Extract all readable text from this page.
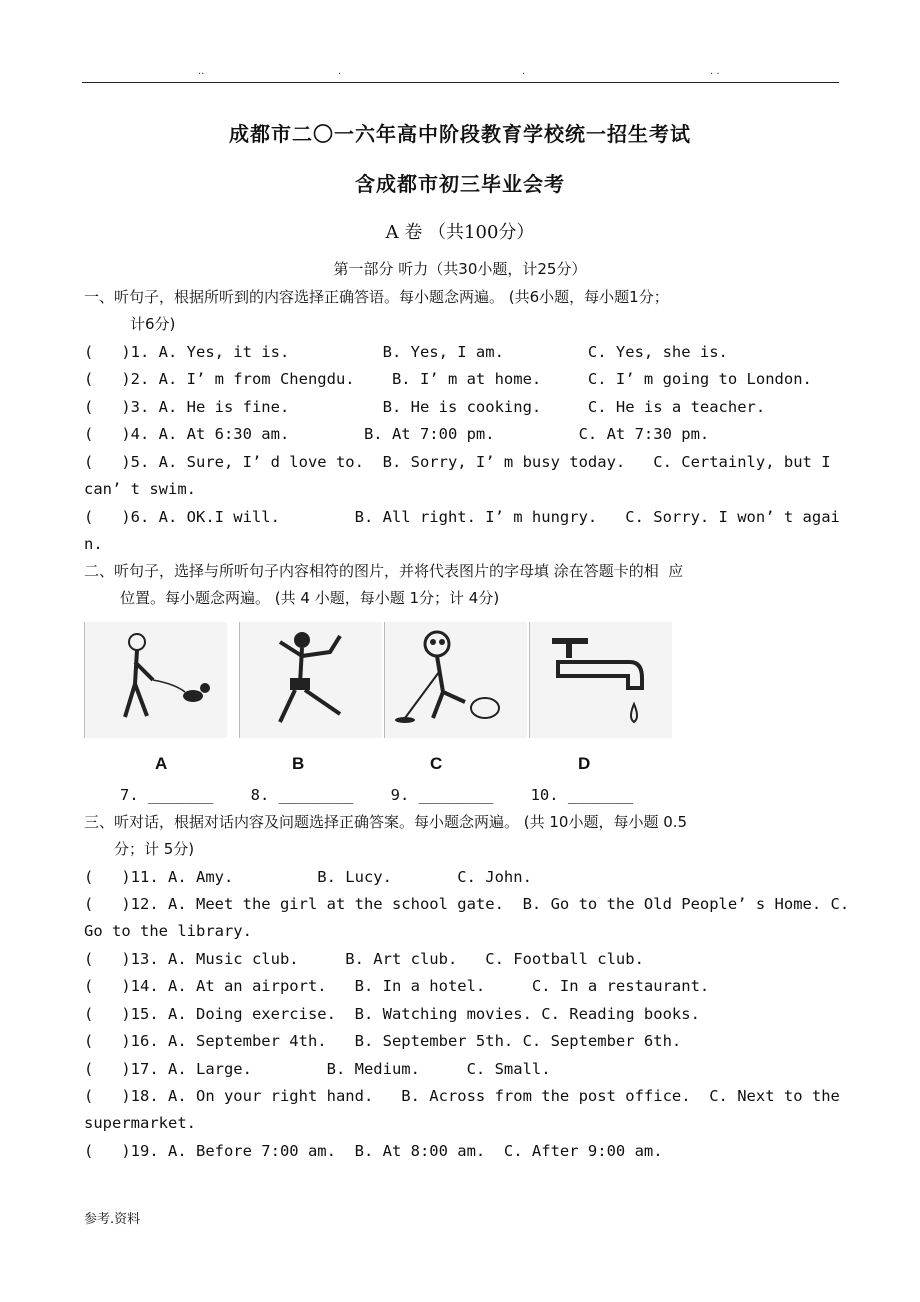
..	.	.	. .
成都市二〇一六年高中阶段教育学校统一招生考试
含成都市初三毕业会考
A 卷 （共100分）
第一部分 听力（共30小题，计25分）
一、听句子，根据所听到的内容选择正确答语。每小题念两遍。 (共6小题，每小题1分；
计6分)
(   )1. A. Yes, it is.          B. Yes, I am.         C. Yes, she is.
(   )2. A. I’ m from Chengdu.    B. I’ m at home.     C. I’ m going to London.
(   )3. A. He is fine.          B. He is cooking.     C. He is a teacher.
(   )4. A. At 6:30 am.        B. At 7:00 pm.         C. At 7:30 pm.
(   )5. A. Sure, I’ d love to.  B. Sorry, I’ m busy today.   C. Certainly, but I
can’ t swim.
(   )6. A. OK.I will.        B. All right. I’ m hungry.   C. Sorry. I won’ t agai
n.
二、听句子，选择与所听句子内容相符的图片，并将代表图片的字母填 涂在答题卡的相  应
位置。每小题念两遍。 (共 4 小题，每小题 1分；计 4分)
A	B	C	D
7. _______    8. ________    9. ________    10. _______
三、听对话，根据对话内容及问题选择正确答案。每小题念两遍。 (共 10小题，每小题 0.5
分；计 5分)
(   )11. A. Amy.         B. Lucy.       C. John.
(   )12. A. Meet the girl at the school gate.  B. Go to the Old People’ s Home. C.
Go to the library.
(   )13. A. Music club.     B. Art club.   C. Football club.
(   )14. A. At an airport.   B. In a hotel.     C. In a restaurant.
(   )15. A. Doing exercise.  B. Watching movies. C. Reading books.
(   )16. A. September 4th.   B. September 5th. C. September 6th.
(   )17. A. Large.        B. Medium.     C. Small.
(   )18. A. On your right hand.   B. Across from the post office.  C. Next to the
supermarket.
(   )19. A. Before 7:00 am.  B. At 8:00 am.  C. After 9:00 am.
参考.资料
